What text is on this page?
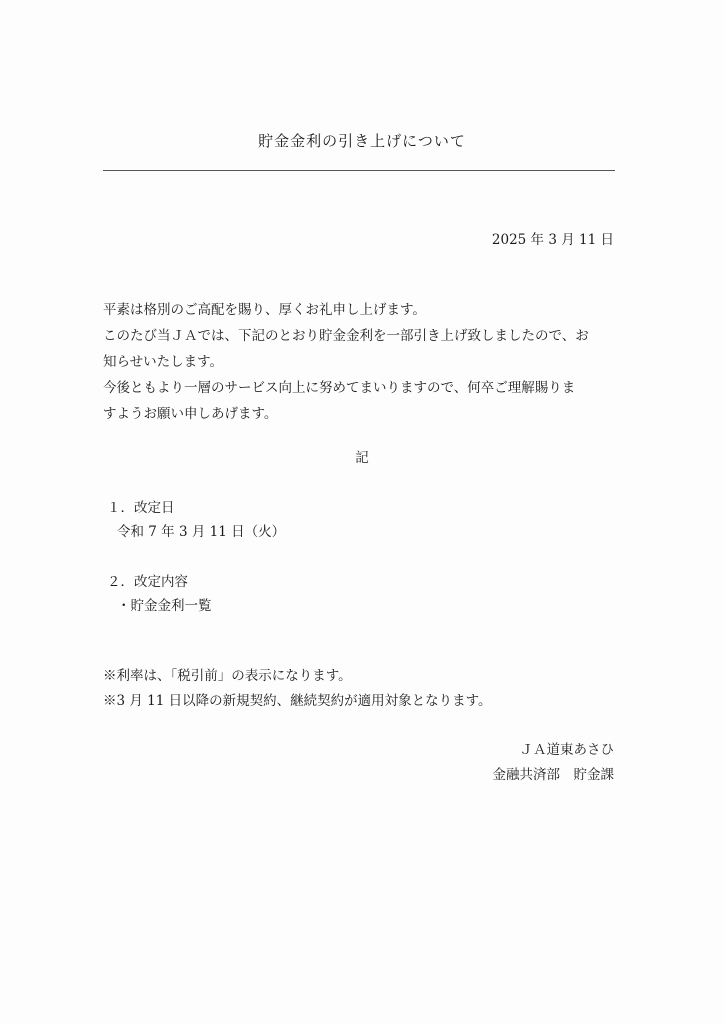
貯金金利の引き上げについて
2025 年 3 月 11 日

平素は格別のご高配を賜り、厚くお礼申し上げます。

このたび当ＪＡでは、下記のとおり貯金金利を一部引き上げ致しましたので、お

知らせいたします。

今後ともより一層のサービス向上に努めてまいりますので、何卒ご理解賜りま

すようお願い申しあげます。

記
１．改定日
令和 7 年 3 月 11 日（火）
２．改定内容
・貯金金利一覧
※利率は、「税引前」の表示になります。
※3 月 11 日以降の新規契約、継続契約が適用対象となります。
ＪＡ道東あさひ
金融共済部　貯金課
